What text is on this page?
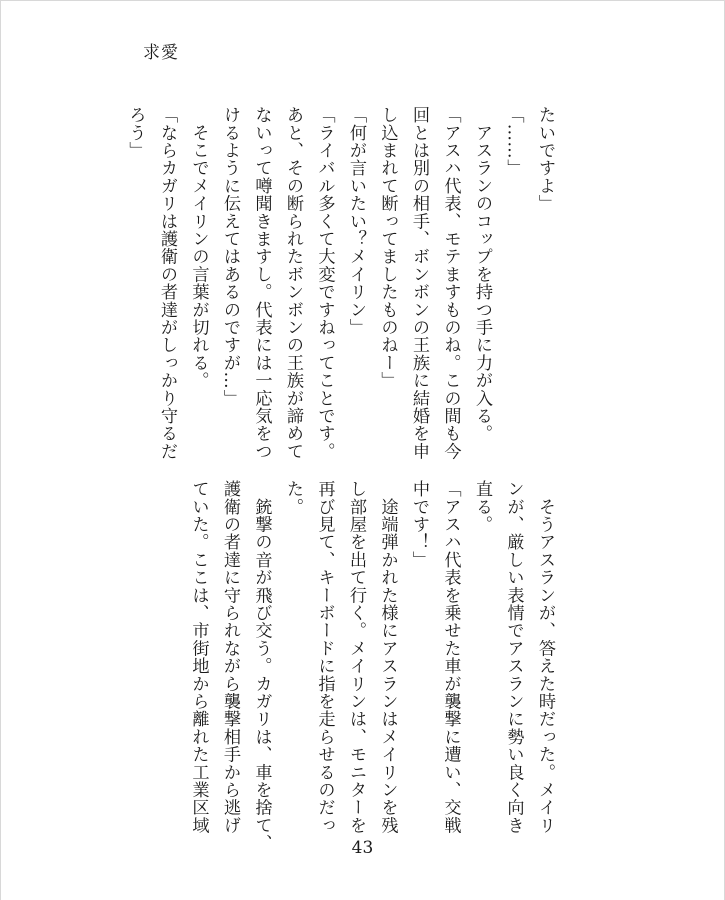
求愛
たいですよ」
「……」
　アスランのコップを持つ手に力が入る。
「アスハ代表、モテますものね。この間も今
回とは別の相手、ボンボンの王族に結婚を申
し込まれて断ってましたものねー」
「何が言いたい？メイリン」
「ライバル多くて大変ですねってことです。
あと、その断られたボンボンの王族が諦めて
ないって噂聞きますし。代表には一応気をつ
けるように伝えてはあるのですが…」
　そこでメイリンの言葉が切れる。
「ならカガリは護衛の者達がしっかり守るだ
ろう」
　そうアスランが、答えた時だった。メイリ
ンが、厳しい表情でアスランに勢い良く向き
直る。
「アスハ代表を乗せた車が襲撃に遭い、交戦
中です！」
　途端弾かれた様にアスランはメイリンを残
し部屋を出て行く。メイリンは、モニターを
再び見て、キーボードに指を走らせるのだっ
た。
　銃撃の音が飛び交う。カガリは、車を捨て、
護衛の者達に守られながら襲撃相手から逃げ
ていた。ここは、市街地から離れた工業区域
43
